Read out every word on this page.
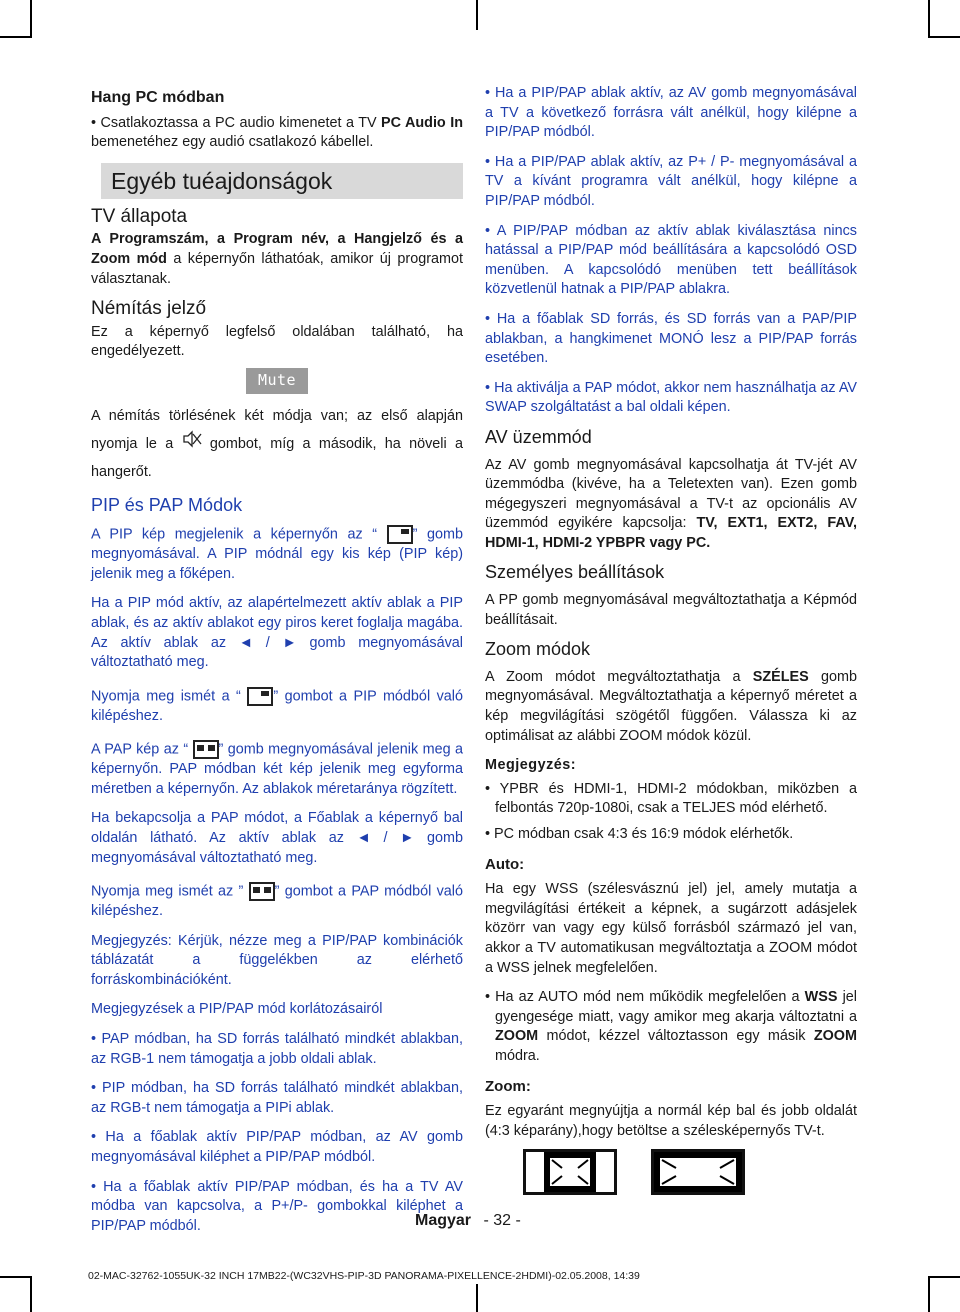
Hang PC módban

• Csatlakoztassa a PC audio kimenetet a TV PC Audio In bemenetéhez egy audió csatlakozó kábellel.

Egyéb tuéajdonságok

TV állapota

A Programszám, a Program név, a Hangjelző és a Zoom mód a képernyőn láthatóak, amikor új programot választanak.

Némítás jelző

Ez a képernyő legfelső oldalában található, ha engedélyezett.

Mute

A némítás törlésének két módja van; az első alapján nyomja le a  gombot, míg a második, ha növeli a hangerőt.

PIP és PAP Módok

A PIP kép megjelenik a képernyőn az “ ” gomb megnyomásával. A PIP módnál egy kis kép (PIP kép) jelenik meg a főképen.

Ha a PIP mód aktív, az alapértelmezett aktív ablak a PIP ablak, és az aktív ablakot egy piros keret foglalja magába. Az aktív ablak az ◄ / ► gomb megnyomásával változtatható meg.

Nyomja meg ismét a “ ” gombot a PIP módból való kilépéshez.

A PAP kép az “ ” gomb megnyomásával jelenik meg a képernyőn. PAP módban két kép jelenik meg egyforma méretben a képernyőn. Az ablakok méretaránya rögzített.

Ha bekapcsolja a PAP módot, a Főablak a képernyő bal oldalán látható. Az aktív ablak az ◄ / ► gomb megnyomásával változtatható meg.

Nyomja meg ismét az ” ” gombot a PAP módból való kilépéshez.

Megjegyzés: Kérjük, nézze meg a PIP/PAP kombinációk táblázatát a függelékben az elérhető forráskombinációként.

Megjegyzések a PIP/PAP mód korlátozásairól

• PAP módban, ha SD forrás található mindkét ablakban, az RGB-1 nem támogatja a jobb oldali ablak.

• PIP módban, ha SD forrás található mindkét ablakban, az RGB-t nem támogatja a PIPi ablak.

• Ha a főablak aktív PIP/PAP módban, az AV gomb megnyomásával kiléphet a PIP/PAP módból.

• Ha a főablak aktív PIP/PAP módban, és ha a TV AV módba van kapcsolva, a P+/P- gombokkal kiléphet a PIP/PAP módból.

• Ha a PIP/PAP ablak aktív, az AV gomb megnyomásával a TV a következő forrásra vált anélkül, hogy kilépne a PIP/PAP módból.

• Ha a PIP/PAP ablak aktív, az P+ / P- megnyomásával a TV a kívánt programra vált anélkül, hogy kilépne a PIP/PAP módból.

• A PIP/PAP módban az aktív ablak kiválasztása nincs hatással a PIP/PAP mód beállítására a kapcsolódó OSD menüben. A kapcsolódó menüben tett beállítások közvetlenül hatnak a PIP/PAP ablakra.

• Ha a főablak SD forrás, és SD forrás van a PAP/PIP ablakban, a hangkimenet MONÓ lesz a PIP/PAP forrás esetében.

• Ha aktiválja a PAP módot, akkor nem használhatja az AV SWAP szolgáltatást a bal oldali képen.

AV üzemmód

Az AV gomb megnyomásával kapcsolhatja át TV-jét AV üzemmódba (kivéve, ha a Teletexten van). Ezen gomb mégegyszeri megnyomásával a TV-t az opcionális AV üzemmód egyikére kapcsolja: TV, EXT1, EXT2, FAV, HDMI-1, HDMI-2 YPBPR vagy PC.

Személyes beállítások

A PP gomb megnyomásával megváltoztathatja a Képmód beállításait.

Zoom módok

A Zoom módot megváltoztathatja a SZÉLES gomb megnyomásával. Megváltoztathatja a képernyő méretet a kép megvilágítási szögétől függően. Válassza ki az optimálisat az alábbi ZOOM módok közül.

Megjegyzés:

• YPBR és HDMI-1, HDMI-2 módokban, miközben a felbontás 720p-1080i, csak a TELJES mód elérhető.

• PC módban csak 4:3 és 16:9 módok elérhetők.

Auto:

Ha egy WSS (szélesvásznú jel) jel, amely mutatja a megvilágítási értékeit a képnek, a sugárzott adásjelek közörr van vagy egy külső forrásból származó jel van, akkor a TV automatikusan megváltoztatja a ZOOM módot a WSS jelnek megfelelően.

• Ha az AUTO mód nem működik megfelelően a WSS jel gyengesége miatt, vagy amikor meg akarja változtatni a ZOOM módot, kézzel változtasson egy másik ZOOM módra.

Zoom:

Ez egyaránt megnyújtja a normál kép bal és jobb oldalát (4:3 képarány),hogy betöltse a szélesképernyős TV-t.

Magyar - 32 -
02-MAC-32762-1055UK-32 INCH 17MB22-(WC32VHS-PIP-3D PANORAMA-PIXELLENCE-2HDMI)-02.05.2008, 14:39
